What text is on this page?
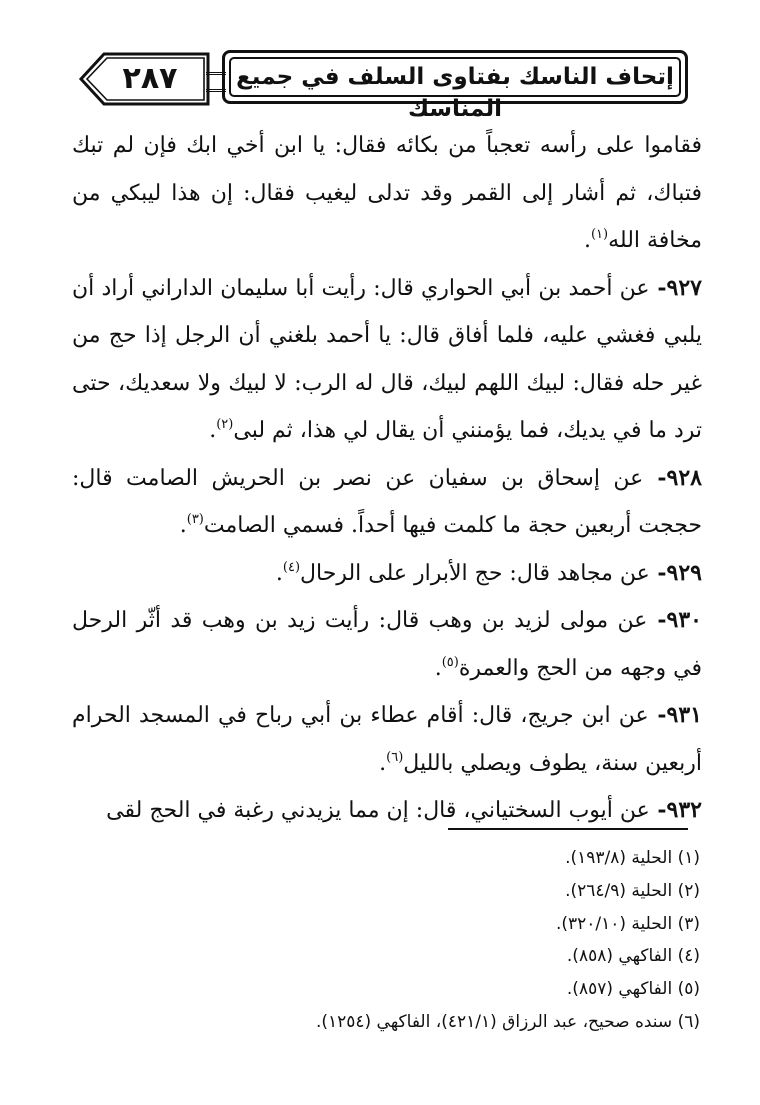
٢٨٧	إتحاف الناسك بفتاوى السلف في جميع المناسك

فقاموا على رأسه تعجباً من بكائه فقال: يا ابن أخي ابك فإن لم تبك فتباك، ثم أشار إلى القمر وقد تدلى ليغيب فقال: إن هذا ليبكي من مخافة الله$^{(١)}$.

٩٢٧- عن أحمد بن أبي الحواري قال: رأيت أبا سليمان الداراني أراد أن يلبي فغشي عليه، فلما أفاق قال: يا أحمد بلغني أن الرجل إذا حج من غير حله فقال: لبيك اللهم لبيك، قال له الرب: لا لبيك ولا سعديك، حتى ترد ما في يديك، فما يؤمنني أن يقال لي هذا، ثم لبى$^{(٢)}$.

٩٢٨- عن إسحاق بن سفيان عن نصر بن الحريش الصامت قال: حججت أربعين حجة ما كلمت فيها أحداً. فسمي الصامت$^{(٣)}$.

٩٢٩- عن مجاهد قال: حج الأبرار على الرحال$^{(٤)}$.

٩٣٠- عن مولى لزيد بن وهب قال: رأيت زيد بن وهب قد أثّر الرحل في وجهه من الحج والعمرة$^{(٥)}$.

٩٣١- عن ابن جريج، قال: أقام عطاء بن أبي رباح في المسجد الحرام أربعين سنة، يطوف ويصلي بالليل$^{(٦)}$.

٩٣٢- عن أيوب السختياني، قال: إن مما يزيدني رغبة في الحج لقى

(١) الحلية (١٩٣/٨).
(٢) الحلية (٢٦٤/٩).
(٣) الحلية (٣٢٠/١٠).
(٤) الفاكهي (٨٥٨).
(٥) الفاكهي (٨٥٧).
(٦) سنده صحيح، عبد الرزاق (٤٢١/١)، الفاكهي (١٢٥٤).
